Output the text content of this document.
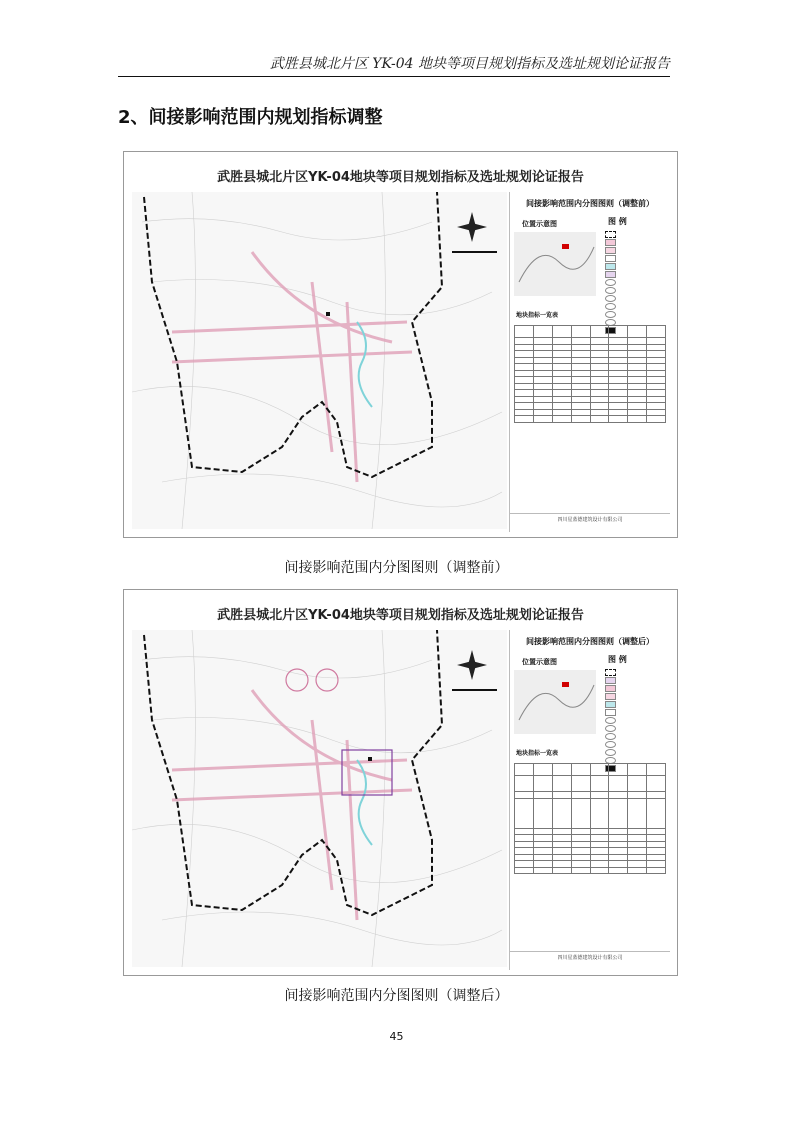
武胜县城北片区 YK-04 地块等项目规划指标及选址规划论证报告
2、间接影响范围内规划指标调整
武胜县城北片区YK-04地块等项目规划指标及选址规划论证报告
间接影响范围内分图图则（调整前）
位置示意图	图 例
地块指标一览表

四川星蓝德建筑设计有限公司
间接影响范围内分图图则（调整前）
武胜县城北片区YK-04地块等项目规划指标及选址规划论证报告
间接影响范围内分图图则（调整后）
位置示意图	图 例
地块指标一览表

四川星蓝德建筑设计有限公司
间接影响范围内分图图则（调整后）
45
